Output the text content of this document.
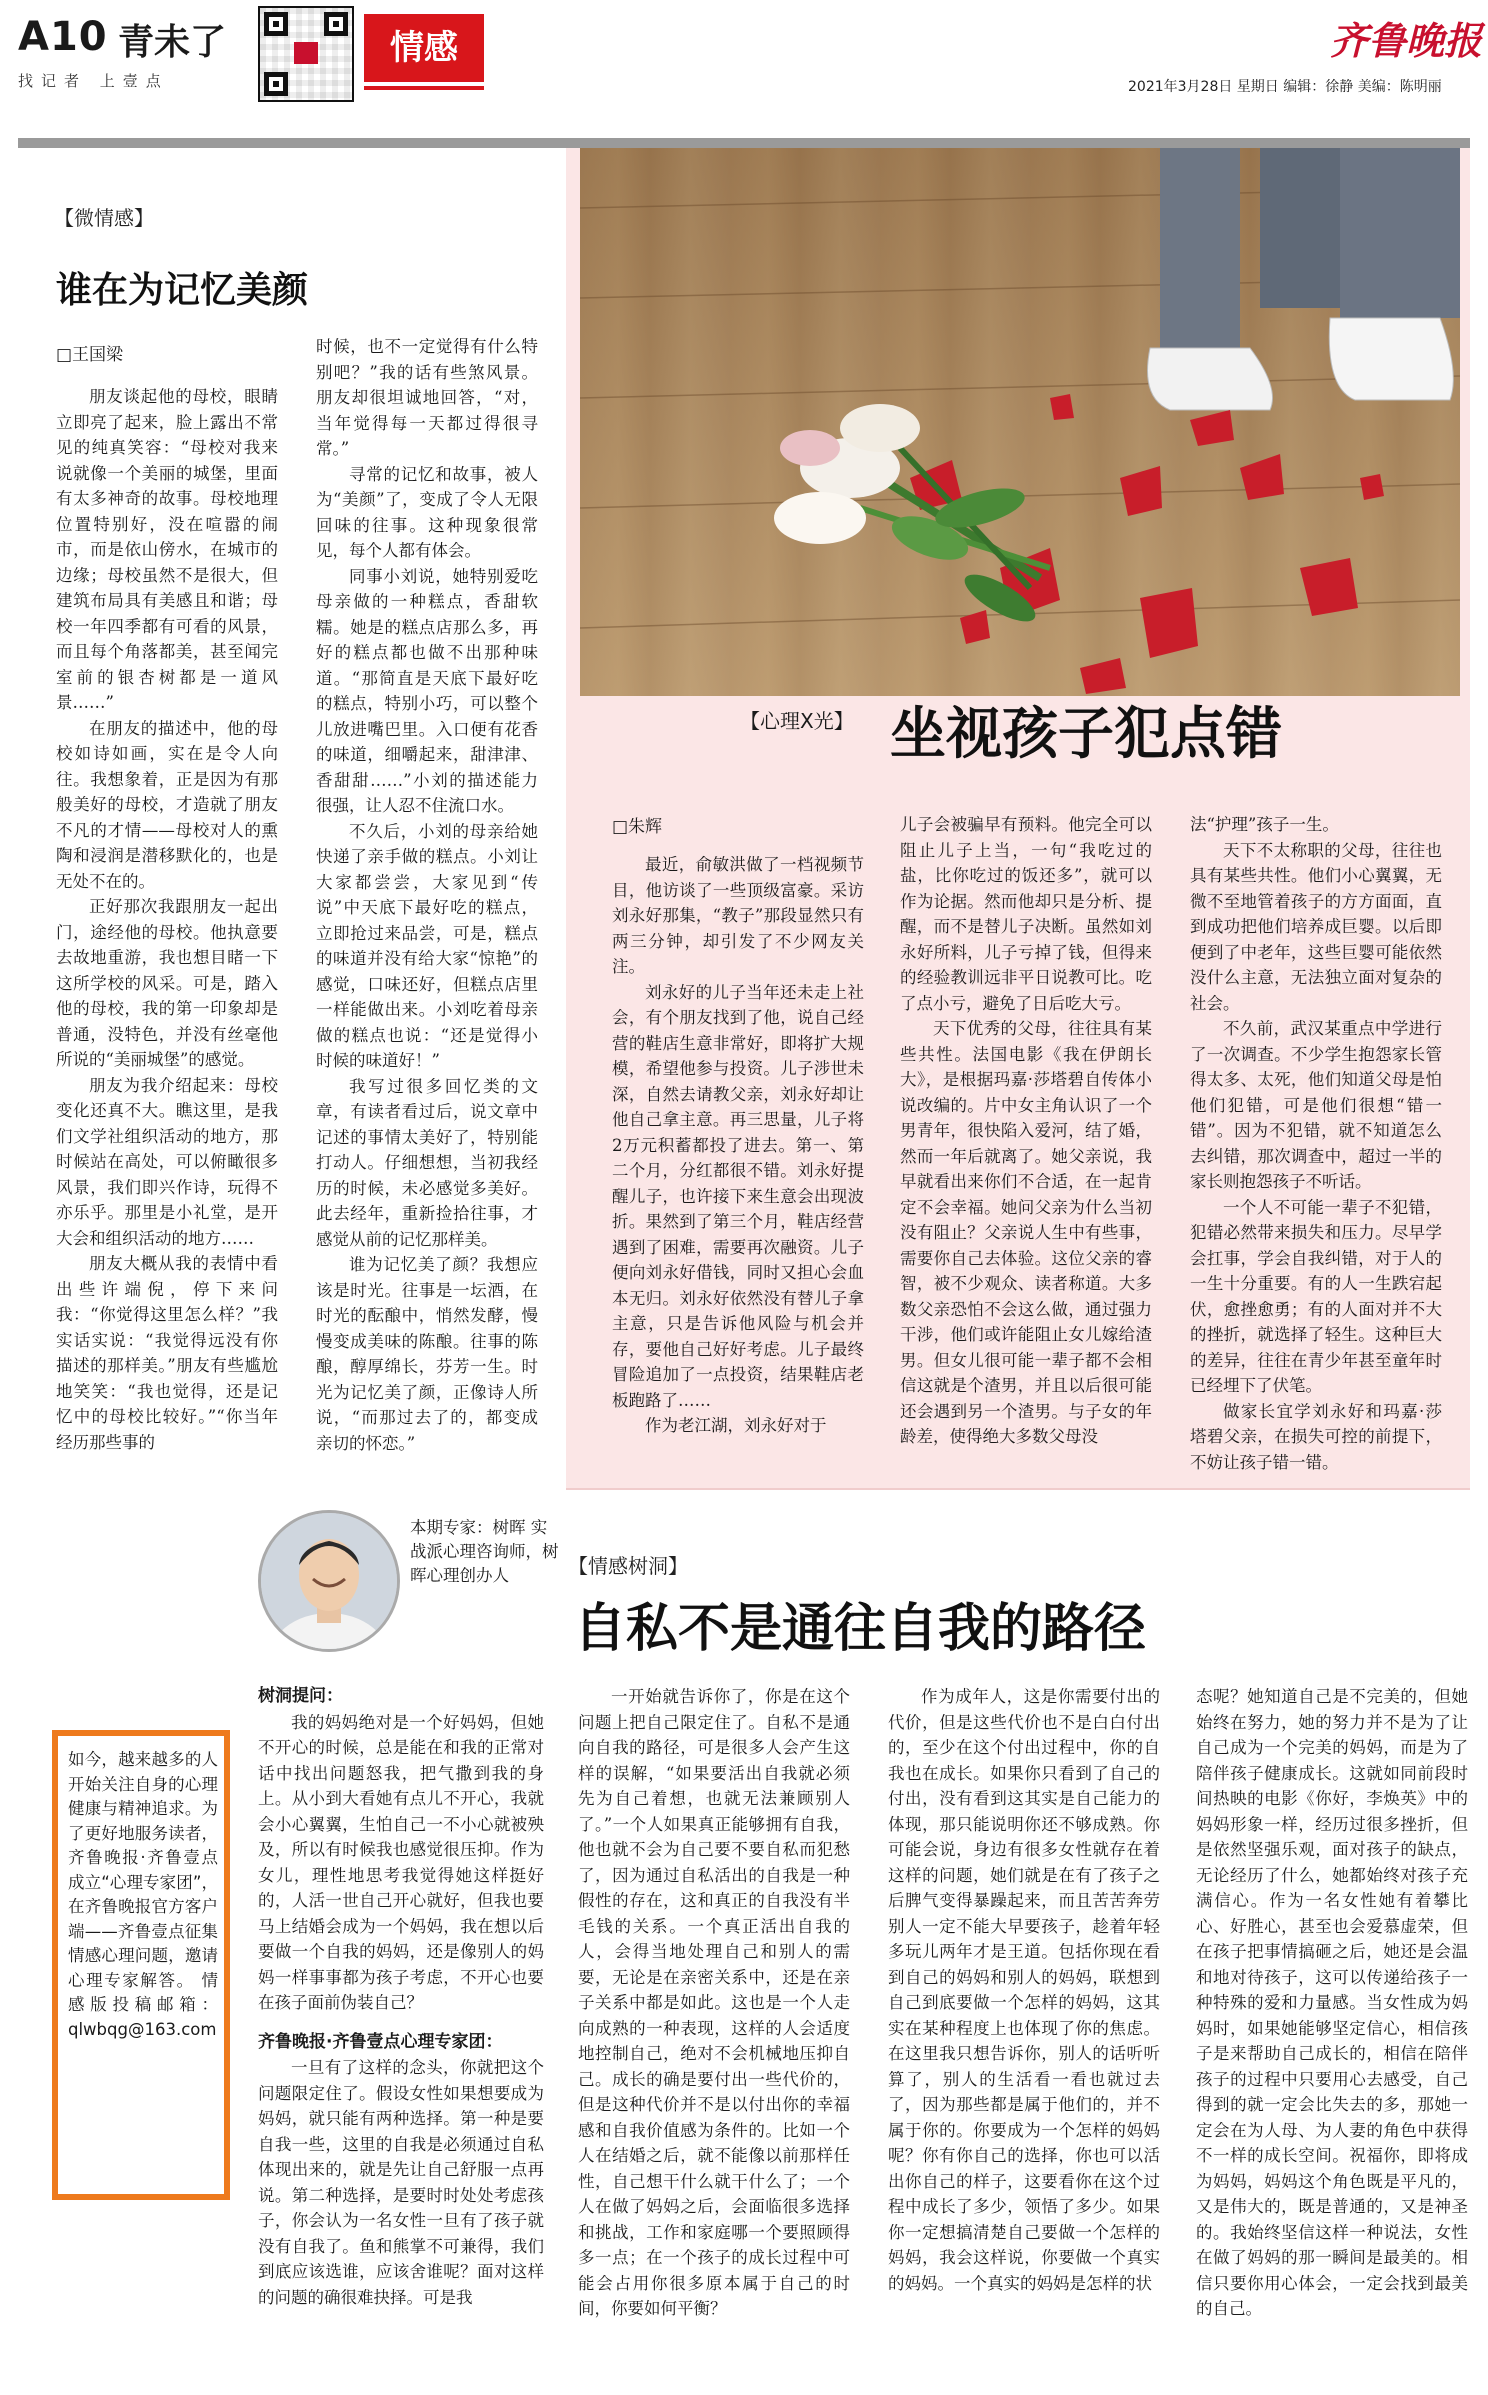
A10 青未了
找记者 上壹点
情感	齐鲁晚报
2021年3月28日 星期日 编辑：徐静 美编：陈明丽
【微情感】
谁在为记忆美颜
□王国梁

朋友谈起他的母校，眼睛立即亮了起来，脸上露出不常见的纯真笑容：“母校对我来说就像一个美丽的城堡，里面有太多神奇的故事。母校地理位置特别好，没在喧嚣的闹市，而是依山傍水，在城市的边缘；母校虽然不是很大，但建筑布局具有美感且和谐；母校一年四季都有可看的风景，而且每个角落都美，甚至闻完室前的银杏树都是一道风景……”

在朋友的描述中，他的母校如诗如画，实在是令人向往。我想象着，正是因为有那般美好的母校，才造就了朋友不凡的才情——母校对人的熏陶和浸润是潜移默化的，也是无处不在的。

正好那次我跟朋友一起出门，途经他的母校。他执意要去故地重游，我也想目睹一下这所学校的风采。可是，踏入他的母校，我的第一印象却是普通，没特色，并没有丝毫他所说的“美丽城堡”的感觉。

朋友为我介绍起来：母校变化还真不大。瞧这里，是我们文学社组织活动的地方，那时候站在高处，可以俯瞰很多风景，我们即兴作诗，玩得不亦乐乎。那里是小礼堂，是开大会和组织活动的地方……

朋友大概从我的表情中看出些许端倪，停下来问我：“你觉得这里怎么样？”我实话实说：“我觉得远没有你描述的那样美。”朋友有些尴尬地笑笑：“我也觉得，还是记忆中的母校比较好。”“你当年经历那些事的

时候，也不一定觉得有什么特别吧？”我的话有些煞风景。朋友却很坦诚地回答，“对，当年觉得每一天都过得很寻常。”

寻常的记忆和故事，被人为“美颜”了，变成了令人无限回味的往事。这种现象很常见，每个人都有体会。

同事小刘说，她特别爱吃母亲做的一种糕点，香甜软糯。她是的糕点店那么多，再好的糕点都也做不出那种味道。“那简直是天底下最好吃的糕点，特别小巧，可以整个儿放进嘴巴里。入口便有花香的味道，细嚼起来，甜津津、香甜甜……”小刘的描述能力很强，让人忍不住流口水。

不久后，小刘的母亲给她快递了亲手做的糕点。小刘让大家都尝尝，大家见到“传说”中天底下最好吃的糕点，立即抢过来品尝，可是，糕点的味道并没有给大家“惊艳”的感觉，口味还好，但糕点店里一样能做出来。小刘吃着母亲做的糕点也说：“还是觉得小时候的味道好！”

我写过很多回忆类的文章，有读者看过后，说文章中记述的事情太美好了，特别能打动人。仔细想想，当初我经历的时候，未必感觉多美好。此去经年，重新捡拾往事，才感觉从前的记忆那样美。

谁为记忆美了颜？我想应该是时光。往事是一坛酒，在时光的酝酿中，悄然发酵，慢慢变成美味的陈酿。往事的陈酿，醇厚绵长，芬芳一生。时光为记忆美了颜，正像诗人所说，“而那过去了的，都变成亲切的怀恋。”

【心理X光】 坐视孩子犯点错
□朱辉

最近，俞敏洪做了一档视频节目，他访谈了一些顶级富豪。采访刘永好那集，“教子”那段显然只有两三分钟，却引发了不少网友关注。

刘永好的儿子当年还未走上社会，有个朋友找到了他，说自己经营的鞋店生意非常好，即将扩大规模，希望他参与投资。儿子涉世未深，自然去请教父亲，刘永好却让他自己拿主意。再三思量，儿子将2万元积蓄都投了进去。第一、第二个月，分红都很不错。刘永好提醒儿子，也许接下来生意会出现波折。果然到了第三个月，鞋店经营遇到了困难，需要再次融资。儿子便向刘永好借钱，同时又担心会血本无归。刘永好依然没有替儿子拿主意，只是告诉他风险与机会并存，要他自己好好考虑。儿子最终冒险追加了一点投资，结果鞋店老板跑路了……

作为老江湖，刘永好对于

儿子会被骗早有预料。他完全可以阻止儿子上当，一句“我吃过的盐，比你吃过的饭还多”，就可以作为论据。然而他却只是分析、提醒，而不是替儿子决断。虽然如刘永好所料，儿子亏掉了钱，但得来的经验教训远非平日说教可比。吃了点小亏，避免了日后吃大亏。

天下优秀的父母，往往具有某些共性。法国电影《我在伊朗长大》，是根据玛嘉·莎塔碧自传体小说改编的。片中女主角认识了一个男青年，很快陷入爱河，结了婚，然而一年后就离了。她父亲说，我早就看出来你们不合适，在一起肯定不会幸福。她问父亲为什么当初没有阻止？父亲说人生中有些事，需要你自己去体验。这位父亲的睿智，被不少观众、读者称道。大多数父亲恐怕不会这么做，通过强力干涉，他们或许能阻止女儿嫁给渣男。但女儿很可能一辈子都不会相信这就是个渣男，并且以后很可能还会遇到另一个渣男。与子女的年龄差，使得绝大多数父母没

法“护理”孩子一生。

天下不太称职的父母，往往也具有某些共性。他们小心翼翼，无微不至地管着孩子的方方面面，直到成功把他们培养成巨婴。以后即便到了中老年，这些巨婴可能依然没什么主意，无法独立面对复杂的社会。

不久前，武汉某重点中学进行了一次调查。不少学生抱怨家长管得太多、太死，他们知道父母是怕他们犯错，可是他们很想“错一错”。因为不犯错，就不知道怎么去纠错，那次调查中，超过一半的家长则抱怨孩子不听话。

一个人不可能一辈子不犯错，犯错必然带来损失和压力。尽早学会扛事，学会自我纠错，对于人的一生十分重要。有的人一生跌宕起伏，愈挫愈勇；有的人面对并不大的挫折，就选择了轻生。这种巨大的差异，往往在青少年甚至童年时已经埋下了伏笔。

做家长宜学刘永好和玛嘉·莎塔碧父亲，在损失可控的前提下，不妨让孩子错一错。

本期专家：树晖 实战派心理咨询师，树晖心理创办人
如今，越来越多的人开始关注自身的心理健康与精神追求。为了更好地服务读者，齐鲁晚报·齐鲁壹点成立“心理专家团”，在齐鲁晚报官方客户端——齐鲁壹点征集情感心理问题，邀请心理专家解答。 情感版投稿邮箱：qlwbqg@163.com
【情感树洞】
自私不是通往自我的路径
树洞提问：
我的妈妈绝对是一个好妈妈，但她不开心的时候，总是能在和我的正常对话中找出问题怒我，把气撒到我的身上。从小到大看她有点儿不开心，我就会小心翼翼，生怕自己一不小心就被殃及，所以有时候我也感觉很压抑。作为女儿，理性地思考我觉得她这样挺好的，人活一世自己开心就好，但我也要马上结婚会成为一个妈妈，我在想以后要做一个自我的妈妈，还是像别人的妈妈一样事事都为孩子考虑，不开心也要在孩子面前伪装自己？
齐鲁晚报·齐鲁壹点心理专家团：
一旦有了这样的念头，你就把这个问题限定住了。假设女性如果想要成为妈妈，就只能有两种选择。第一种是要自我一些，这里的自我是必须通过自私体现出来的，就是先让自己舒服一点再说。第二种选择，是要时时处处考虑孩子，你会认为一名女性一旦有了孩子就没有自我了。鱼和熊掌不可兼得，我们到底应该选谁，应该舍谁呢？面对这样的问题的确很难抉择。可是我
一开始就告诉你了，你是在这个问题上把自己限定住了。自私不是通向自我的路径，可是很多人会产生这样的误解，“如果要活出自我就必须先为自己着想，也就无法兼顾别人了。”一个人如果真正能够拥有自我，他也就不会为自己要不要自私而犯愁了，因为通过自私活出的自我是一种假性的存在，这和真正的自我没有半毛钱的关系。一个真正活出自我的人，会得当地处理自己和别人的需要，无论是在亲密关系中，还是在亲子关系中都是如此。这也是一个人走向成熟的一种表现，这样的人会适度地控制自己，绝对不会机械地压抑自己。成长的确是要付出一些代价的，但是这种代价并不是以付出你的幸福感和自我价值感为条件的。比如一个人在结婚之后，就不能像以前那样任性，自己想干什么就干什么了；一个人在做了妈妈之后，会面临很多选择和挑战，工作和家庭哪一个要照顾得多一点；在一个孩子的成长过程中可能会占用你很多原本属于自己的时间，你要如何平衡？
作为成年人，这是你需要付出的代价，但是这些代价也不是白白付出的，至少在这个付出过程中，你的自我也在成长。如果你只看到了自己的付出，没有看到这其实是自己能力的体现，那只能说明你还不够成熟。你可能会说，身边有很多女性就存在着这样的问题，她们就是在有了孩子之后脾气变得暴躁起来，而且苦苦奔劳别人一定不能大早要孩子，趁着年轻多玩儿两年才是王道。包括你现在看到自己的妈妈和别人的妈妈，联想到自己到底要做一个怎样的妈妈，这其实在某种程度上也体现了你的焦虑。在这里我只想告诉你，别人的话听听算了，别人的生活看一看也就过去了，因为那些都是属于他们的，并不属于你的。你要成为一个怎样的妈妈呢？你有你自己的选择，你也可以活出你自己的样子，这要看你在这个过程中成长了多少，领悟了多少。如果你一定想搞清楚自己要做一个怎样的妈妈，我会这样说，你要做一个真实的妈妈。一个真实的妈妈是怎样的状
态呢？她知道自己是不完美的，但她始终在努力，她的努力并不是为了让自己成为一个完美的妈妈，而是为了陪伴孩子健康成长。这就如同前段时间热映的电影《你好，李焕英》中的妈妈形象一样，经历过很多挫折，但是依然坚强乐观，面对孩子的缺点，无论经历了什么，她都始终对孩子充满信心。作为一名女性她有着攀比心、好胜心，甚至也会爱慕虚荣，但在孩子把事情搞砸之后，她还是会温和地对待孩子，这可以传递给孩子一种特殊的爱和力量感。当女性成为妈妈时，如果她能够坚定信心，相信孩子是来帮助自己成长的，相信在陪伴孩子的过程中只要用心去感受，自己得到的就一定会比失去的多，那她一定会在为人母、为人妻的角色中获得不一样的成长空间。祝福你，即将成为妈妈，妈妈这个角色既是平凡的，又是伟大的，既是普通的，又是神圣的。我始终坚信这样一种说法，女性在做了妈妈的那一瞬间是最美的。相信只要你用心体会，一定会找到最美的自己。
